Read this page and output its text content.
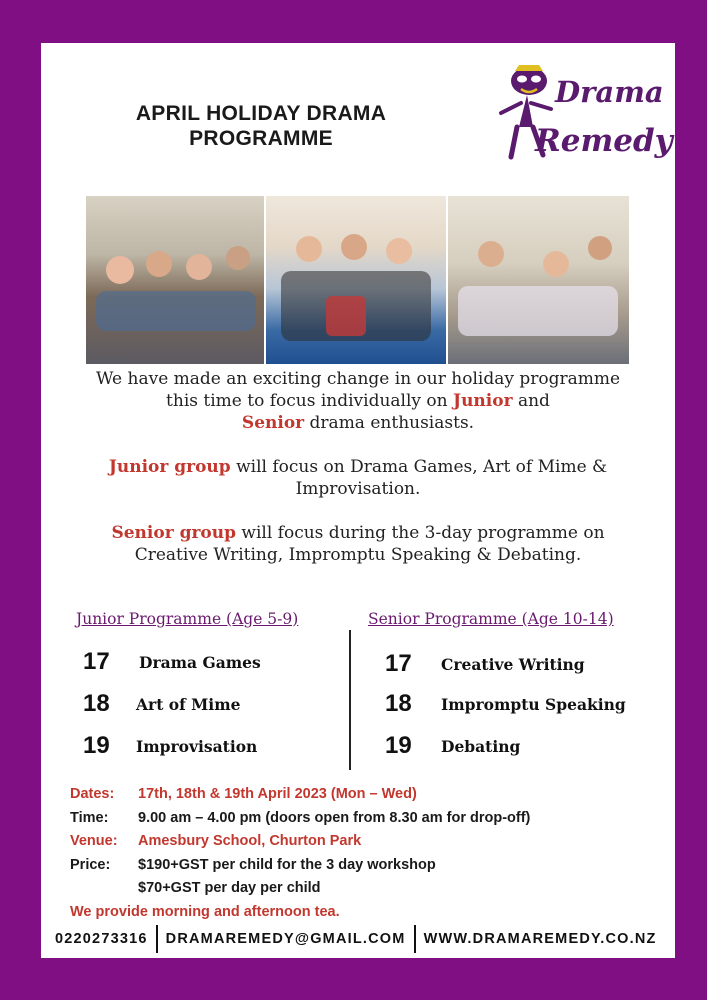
APRIL HOLIDAY DRAMA
PROGRAMME
Drama
Remedy

We have made an exciting change in our holiday programme this time to focus individually on Junior and
Senior drama enthusiasts.

Junior group will focus on Drama Games, Art of Mime & Improvisation.

Senior group will focus during the 3-day programme on Creative Writing, Impromptu Speaking & Debating.

Junior Programme (Age 5-9)	Senior Programme (Age 10-14)
17	Drama Games
18	Art of Mime
19	Improvisation
17	Creative Writing
18	Impromptu Speaking
19	Debating
Dates:	17th, 18th & 19th April 2023 (Mon – Wed)
Time:	9.00 am – 4.00 pm (doors open from 8.30 am for drop-off)
Venue:	Amesbury School, Churton Park
Price:	$190+GST per child for the 3 day workshop
$70+GST per day per child
We provide morning and afternoon tea.
0220273316 DRAMAREMEDY@GMAIL.COM WWW.DRAMAREMEDY.CO.NZ
